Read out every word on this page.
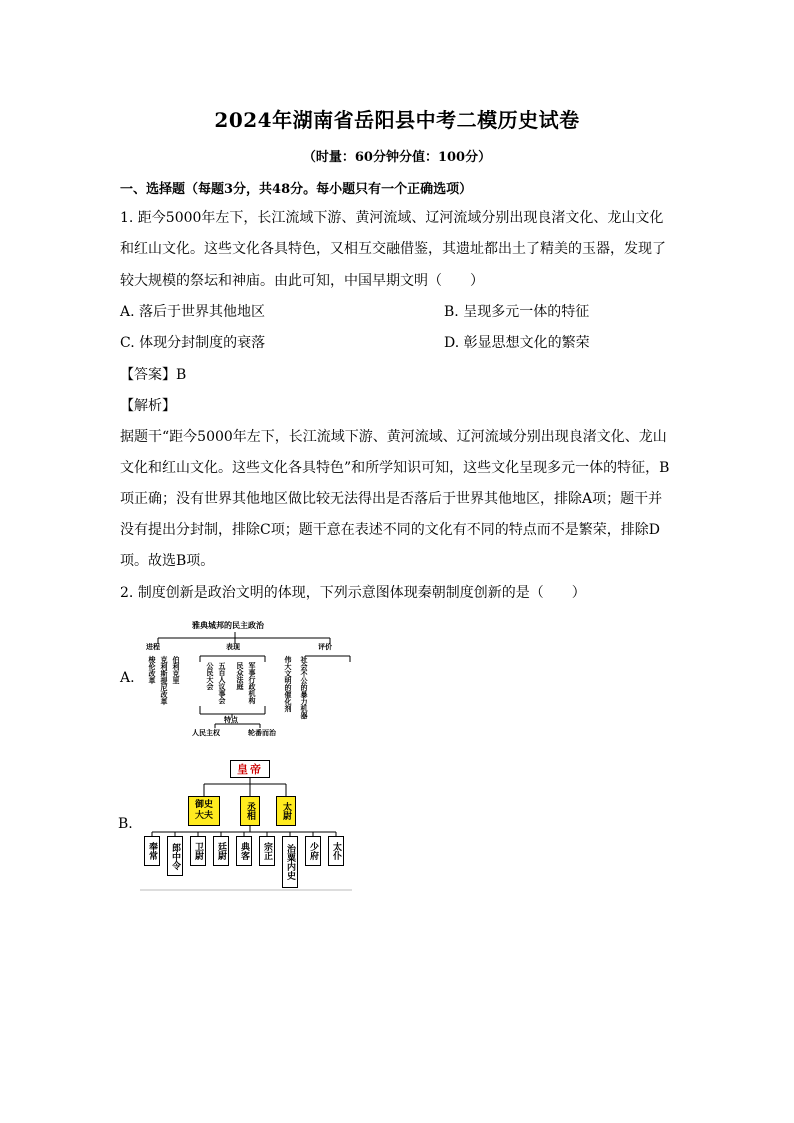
2024年湖南省岳阳县中考二模历史试卷
（时量：60分钟分值：100分）
一、选择题（每题3分，共48分。每小题只有一个正确选项）
1. 距今5000年左下，长江流域下游、黄河流域、辽河流域分别出现良渚文化、龙山文化
和红山文化。这些文化各具特色，又相互交融借鉴，其遗址都出土了精美的玉器，发现了
较大规模的祭坛和神庙。由此可知，中国早期文明（　　）
A. 落后于世界其他地区	B. 呈现多元一体的特征
C. 体现分封制度的衰落	D. 彰显思想文化的繁荣
【答案】B
【解析】
据题干“距今5000年左下，长江流域下游、黄河流域、辽河流域分别出现良渚文化、龙山
文化和红山文化。这些文化各具特色”和所学知识可知，这些文化呈现多元一体的特征，B
项正确；没有世界其他地区做比较无法得出是否落后于世界其他地区，排除A项；题干并
没有提出分封制，排除C项；题干意在表述不同的文化有不同的特点而不是繁荣，排除D
项。故选B项。
2. 制度创新是政治文明的体现，下列示意图体现秦朝制度创新的是（　　）
A.
雅典城邦的民主政治
进程	表现	评价
梭伦改革 克利斯提尼改革 伯利克里	公民大会 五百人议事会 民众法庭 军事行政机构	伟大文明的催化剂 社会不公的暴力机器
特点
人民主权	轮番而治
B.
皇帝
御史大夫	丞相	太尉
奉常 郎中令 卫尉 廷尉 典客 宗正 治粟内史 少府 太仆
